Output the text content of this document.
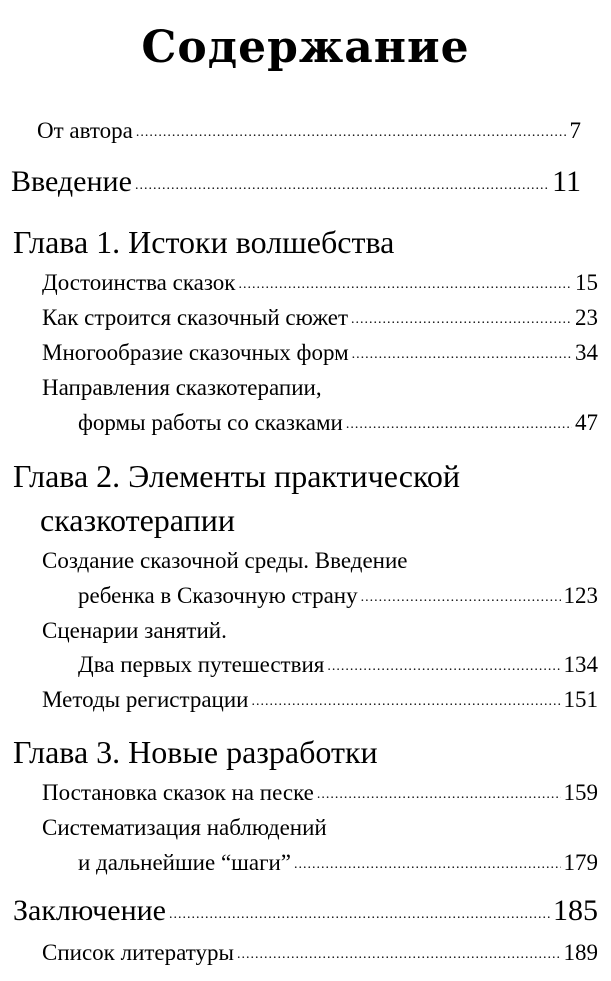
Содержание
От автора .....	7
Введение .....	11
Глава 1. Истоки волшебства
Достоинства сказок .....	15
Как строится сказочный сюжет .....	23
Многообразие сказочных форм .....	34
Направления сказкотерапии,
формы работы со сказками .....	47
Глава 2. Элементы практической
сказкотерапии
Создание сказочной среды. Введение
ребенка в Сказочную страну .....	123
Сценарии занятий.
Два первых путешествия .....	134
Методы регистрации .....	151
Глава 3. Новые разработки
Постановка сказок на песке .....	159
Систематизация наблюдений
и дальнейшие “шаги” .....	179
Заключение .....	185
Список литературы .....	189
